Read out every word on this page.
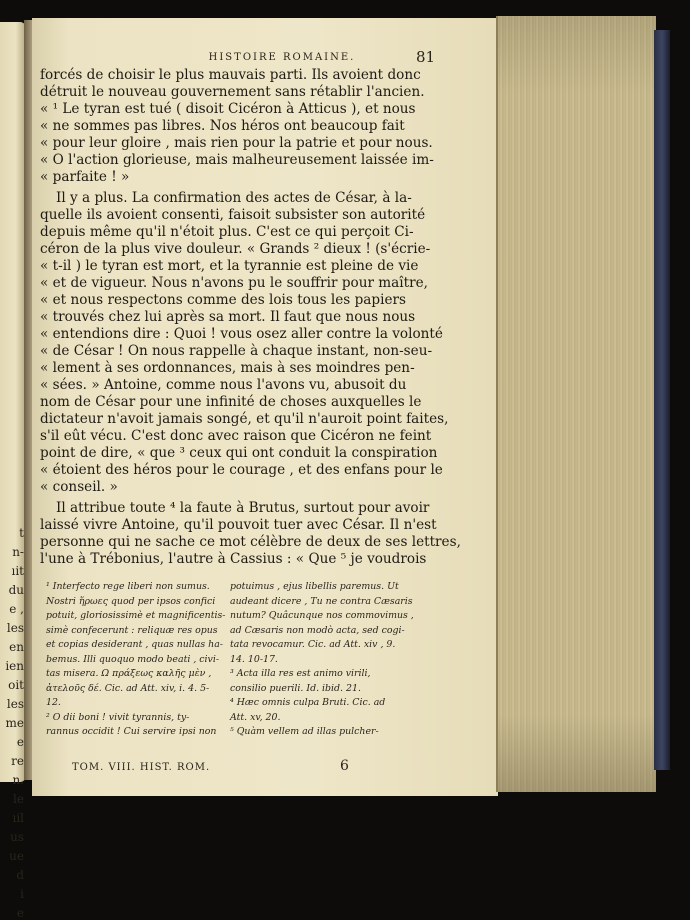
t
n-
ıit
du
e ,
les
en
ien
oit
les
me
e
re
n.
le
ıil
us
ue
d
i
e
HISTOIRE ROMAINE.	81
forcés de choisir le plus mauvais parti. Ils avoient donc
détruit le nouveau gouvernement sans rétablir l'ancien.
« ¹ Le tyran est tué ( disoit Cicéron à Atticus ), et nous
« ne sommes pas libres. Nos héros ont beaucoup fait
« pour leur gloire , mais rien pour la patrie et pour nous.
« O l'action glorieuse, mais malheureusement laissée im-
« parfaite ! »
Il y a plus. La confirmation des actes de César, à la-
quelle ils avoient consenti, faisoit subsister son autorité
depuis même qu'il n'étoit plus. C'est ce qui perçoit Ci-
céron de la plus vive douleur. « Grands ² dieux ! (s'écrie-
« t-il ) le tyran est mort, et la tyrannie est pleine de vie
« et de vigueur. Nous n'avons pu le souffrir pour maître,
« et nous respectons comme des lois tous les papiers
« trouvés chez lui après sa mort. Il faut que nous nous
« entendions dire : Quoi ! vous osez aller contre la volonté
« de César ! On nous rappelle à chaque instant, non-seu-
« lement à ses ordonnances, mais à ses moindres pen-
« sées. » Antoine, comme nous l'avons vu, abusoit du
nom de César pour une infinité de choses auxquelles le
dictateur n'avoit jamais songé, et qu'il n'auroit point faites,
s'il eût vécu. C'est donc avec raison que Cicéron ne feint
point de dire, « que ³ ceux qui ont conduit la conspiration
« étoient des héros pour le courage , et des enfans pour le
« conseil. »
Il attribue toute ⁴ la faute à Brutus, surtout pour avoir
laissé vivre Antoine, qu'il pouvoit tuer avec César. Il n'est
personne qui ne sache ce mot célèbre de deux de ses lettres,
l'une à Trébonius, l'autre à Cassius : « Que ⁵ je voudrois
¹ Interfecto rege liberi non sumus.
Nostri ἥρωες quod per ipsos confici
potuit, gloriosissimè et magnificentis-
simè confecerunt : reliquæ res opus
et copias desiderant , quas nullas ha-
bemus. Illi quoquo modo beati , civi-
tas misera. Ω πράξεως καλῆς μὲν ,
ἀτελοῦς δέ. Cic. ad Att. xiv, i. 4. 5-
12.
² O dii boni ! vivit tyrannis, ty-
rannus occidit ! Cui servire ipsi non
potuimus , ejus libellis paremus. Ut
audeant dicere , Tu ne contra Cæsaris
nutum? Quâcunque nos commovimus ,
ad Cæsaris non modò acta, sed cogi-
tata revocamur. Cic. ad Att. xiv , 9.
14. 10-17.
³ Acta illa res est animo virili,
consilio puerili. Id. ibid. 21.
⁴ Hæc omnis culpa Bruti. Cic. ad
Att. xv, 20.
⁵ Quàm vellem ad illas pulcher-
TOM. VIII. HIST. ROM.	6
